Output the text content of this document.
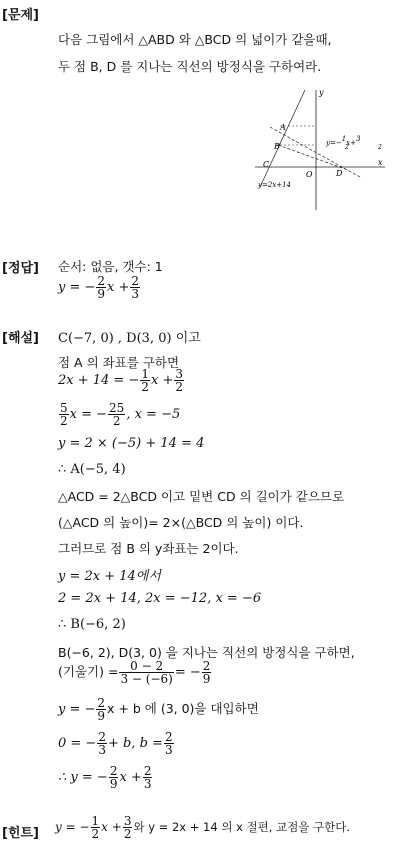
[문제]
다음 그림에서 △ABD 와 △BCD 의 넓이가 같을때,
두 점 B, D 를 지나는 직선의 방정식을 구하여라.
y
x
O
A
B
C
D
y=−1x+3
2	2
y=2x+14
[정답] 순서: 없음, 갯수: 1
y = − $\frac{2}{9}$ $x + \frac{2}{3}$
[해설] C(−7, 0) , D(3, 0) 이고
점 A 의 좌표를 구하면
2x + 14 = − $\frac{1}{2}$ $x + \frac{3}{2}$
$\frac{5}{2}$ x = − $\frac{25}{2}$ , x = −5
y = 2 × (−5) + 14 = 4
∴ A(−5, 4)
△ACD = 2△BCD 이고 밑변 CD 의 길이가 같으므로
(△ACD 의 높이)= 2×(△BCD 의 높이) 이다.
그러므로 점 B 의 y좌표는 2이다.
y = 2x + 14에서
2 = 2x + 14, 2x = −12, x = −6
∴ B(−6, 2)
B(−6, 2), D(3, 0) 을 지나는 직선의 방정식을 구하면,
(기울기) = $\frac{0 - 2}{3 - (-6)}$ = − $\frac{2}{9}$
y = − $\frac{2}{9}$ x + b 에 (3, 0)을 대입하면
0 = − $\frac{2}{3} + b$, $b = \frac{2}{3}$
∴ y = − $\frac{2}{9}$ $x + \frac{2}{3}$
[힌트] y = − $\frac{1}{2}$ $x + \frac{3}{2}$ 와 y = 2x + 14 의 x 절편, 교점을 구한다.
